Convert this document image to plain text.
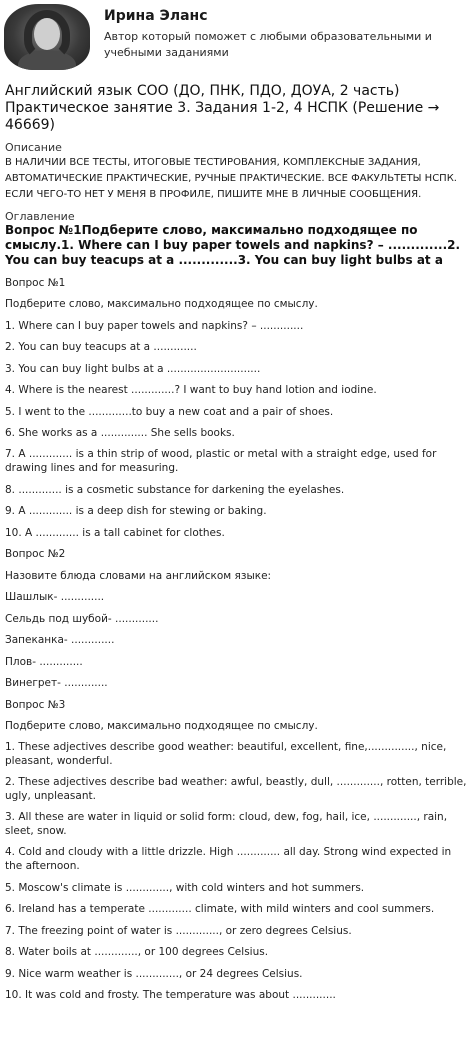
Ирина Эланс
Автор который поможет с любыми образовательными и учебными заданиями
Английский язык СОО (ДО, ПНК, ПДО, ДОУА, 2 часть) Практическое занятие 3. Задания 1-2, 4 НСПК (Решение → 46669)
Описание
В НАЛИЧИИ ВСЕ ТЕСТЫ, ИТОГОВЫЕ ТЕСТИРОВАНИЯ, КОМПЛЕКСНЫЕ ЗАДАНИЯ, АВТОМАТИЧЕСКИЕ ПРАКТИЧЕСКИЕ, РУЧНЫЕ ПРАКТИЧЕСКИЕ. ВСЕ ФАКУЛЬТЕТЫ НСПК. ЕСЛИ ЧЕГО-ТО НЕТ У МЕНЯ В ПРОФИЛЕ, ПИШИТЕ МНЕ В ЛИЧНЫЕ СООБЩЕНИЯ.
Оглавление
Вопрос №1Подберите слово, максимально подходящее по смыслу.1. Where can I buy paper towels and napkins? – .............2. You can buy teacups at a .............3. You can buy light bulbs at a
Вопрос №1
Подберите слово, максимально подходящее по смыслу.
1. Where can I buy paper towels and napkins? – .............
2. You can buy teacups at a .............
3. You can buy light bulbs at a ............................
4. Where is the nearest .............? I want to buy hand lotion and iodine.
5. I went to the .............to buy a new coat and a pair of shoes.
6. She works as a .............. She sells books.
7. A ............. is a thin strip of wood, plastic or metal with a straight edge, used for drawing lines and for measuring.
8. ............. is a cosmetic substance for darkening the eyelashes.
9. A ............. is a deep dish for stewing or baking.
10. A ............. is a tall cabinet for clothes.
Вопрос №2
Назовите блюда словами на английском языке:
Шашлык- .............
Сельдь под шубой- .............
Запеканка- .............
Плов- .............
Винегрет- .............
Вопрос №3
Подберите слово, максимально подходящее по смыслу.
1. These adjectives describe good weather: beautiful, excellent, fine,.............., nice, pleasant, wonderful.
2. These adjectives describe bad weather: awful, beastly, dull, ............., rotten, terrible, ugly, unpleasant.
3. All these are water in liquid or solid form: cloud, dew, fog, hail, ice, ............., rain, sleet, snow.
4. Cold and cloudy with a little drizzle. High ............. all day. Strong wind expected in the afternoon.
5. Moscow's climate is ............., with cold winters and hot summers.
6. Ireland has a temperate ............. climate, with mild winters and cool summers.
7. The freezing point of water is ............., or zero degrees Celsius.
8. Water boils at ............., or 100 degrees Celsius.
9. Nice warm weather is ............., or 24 degrees Celsius.
10. It was cold and frosty. The temperature was about .............
